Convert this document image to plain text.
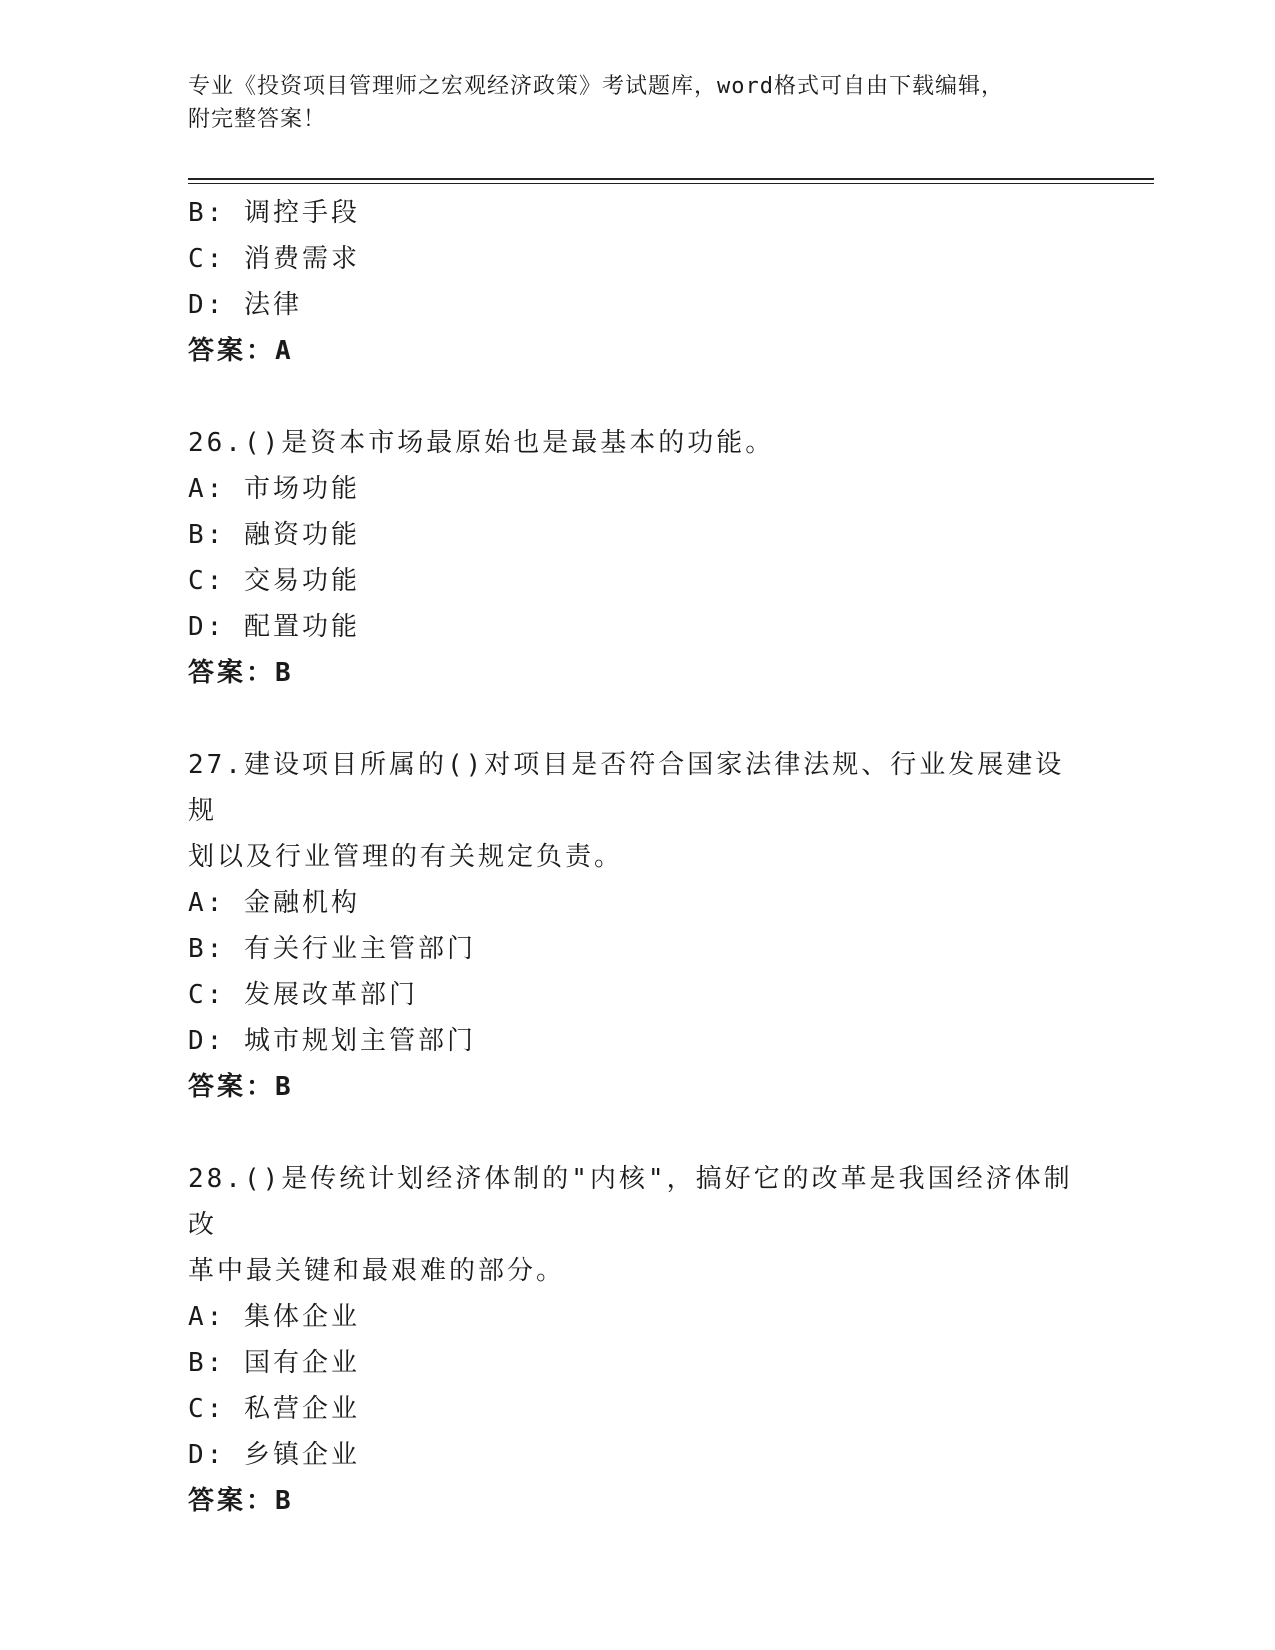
专业《投资项目管理师之宏观经济政策》考试题库，word格式可自由下载编辑，
附完整答案！
B: 调控手段
C: 消费需求
D: 法律
答案：A
26.()是资本市场最原始也是最基本的功能。
A: 市场功能
B: 融资功能
C: 交易功能
D: 配置功能
答案：B
27.建设项目所属的()对项目是否符合国家法律法规、行业发展建设规
划以及行业管理的有关规定负责。
A: 金融机构
B: 有关行业主管部门
C: 发展改革部门
D: 城市规划主管部门
答案：B
28.()是传统计划经济体制的"内核"，搞好它的改革是我国经济体制改
革中最关键和最艰难的部分。
A: 集体企业
B: 国有企业
C: 私营企业
D: 乡镇企业
答案：B
